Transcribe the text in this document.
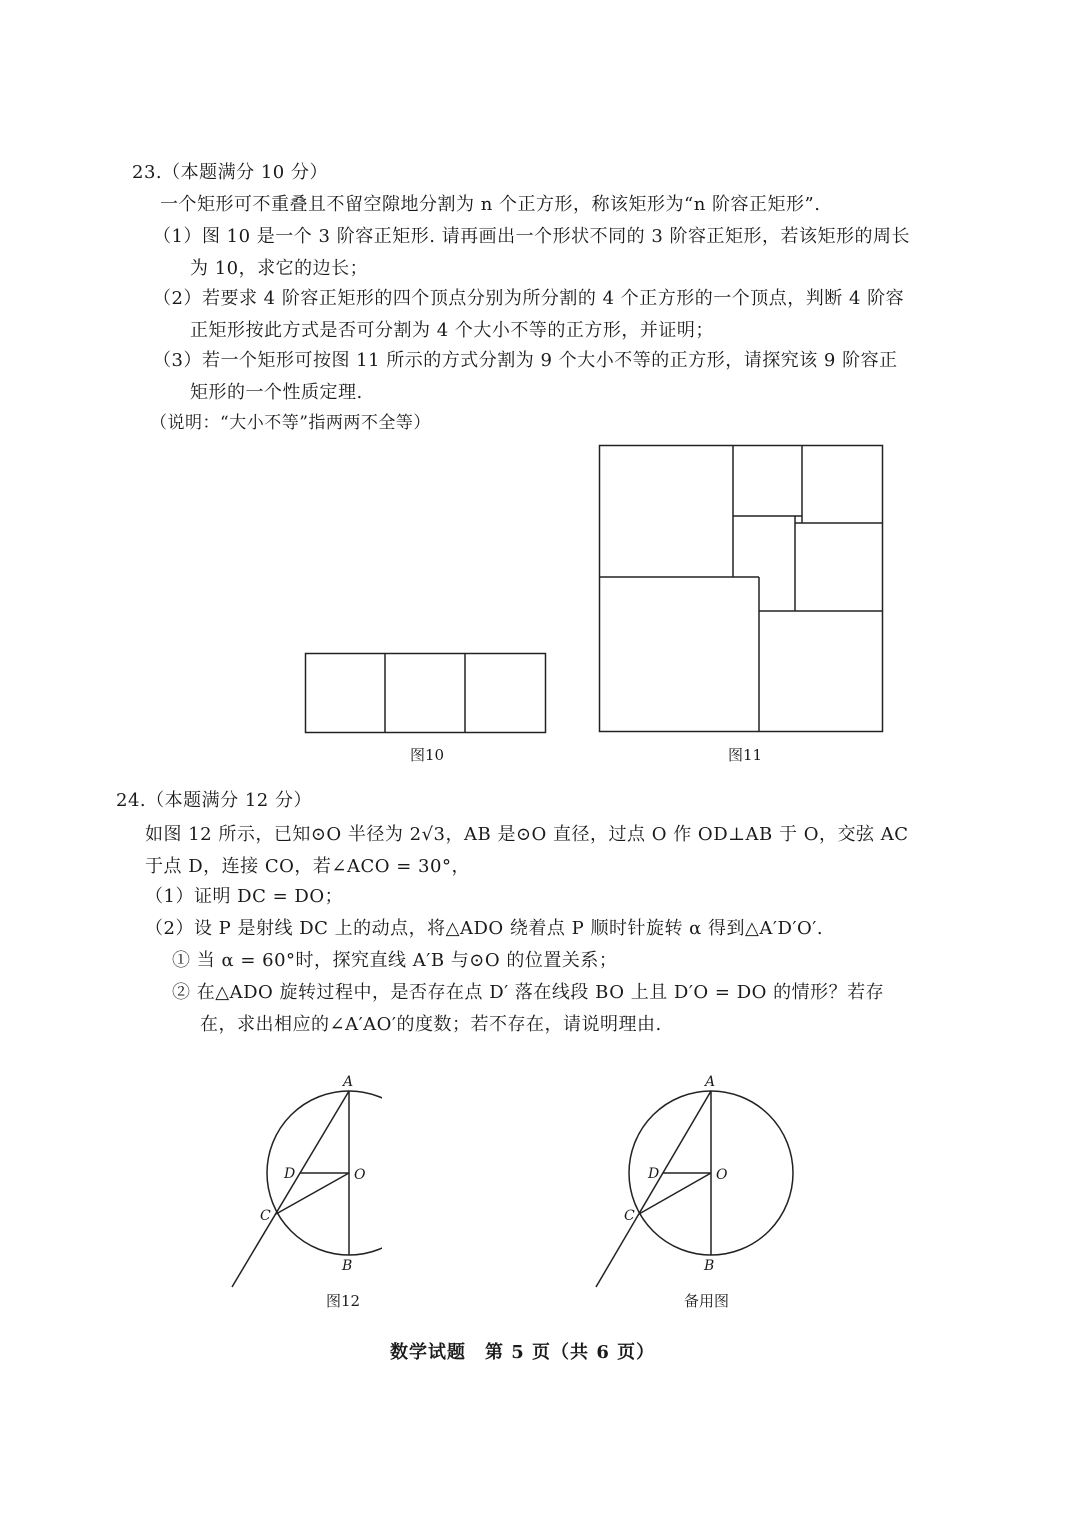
23.（本题满分 10 分）
一个矩形可不重叠且不留空隙地分割为 n 个正方形，称该矩形为“n 阶容正矩形”.
（1）图 10 是一个 3 阶容正矩形. 请再画出一个形状不同的 3 阶容正矩形，若该矩形的周长
为 10，求它的边长；
（2）若要求 4 阶容正矩形的四个顶点分别为所分割的 4 个正方形的一个顶点，判断 4 阶容
正矩形按此方式是否可分割为 4 个大小不等的正方形，并证明；
（3）若一个矩形可按图 11 所示的方式分割为 9 个大小不等的正方形，请探究该 9 阶容正
矩形的一个性质定理.
（说明：“大小不等”指两两不全等）
图10	图11
24.（本题满分 12 分）
如图 12 所示，已知⊙O 半径为 2√3，AB 是⊙O 直径，过点 O 作 OD⊥AB 于 O，交弦 AC
于点 D，连接 CO，若∠ACO = 30°，
（1）证明 DC = DO；
（2）设 P 是射线 DC 上的动点，将△ADO 绕着点 P 顺时针旋转 α 得到△A′D′O′.
① 当 α = 60°时，探究直线 A′B 与⊙O 的位置关系；
② 在△ADO 旋转过程中，是否存在点 D′ 落在线段 BO 上且 D′O = DO 的情形？若存
在，求出相应的∠A′AO′的度数；若不存在，请说明理由.
A
D	O
C
B
图12
A
D	O
C
B
备用图
数学试题　第 5 页（共 6 页）
